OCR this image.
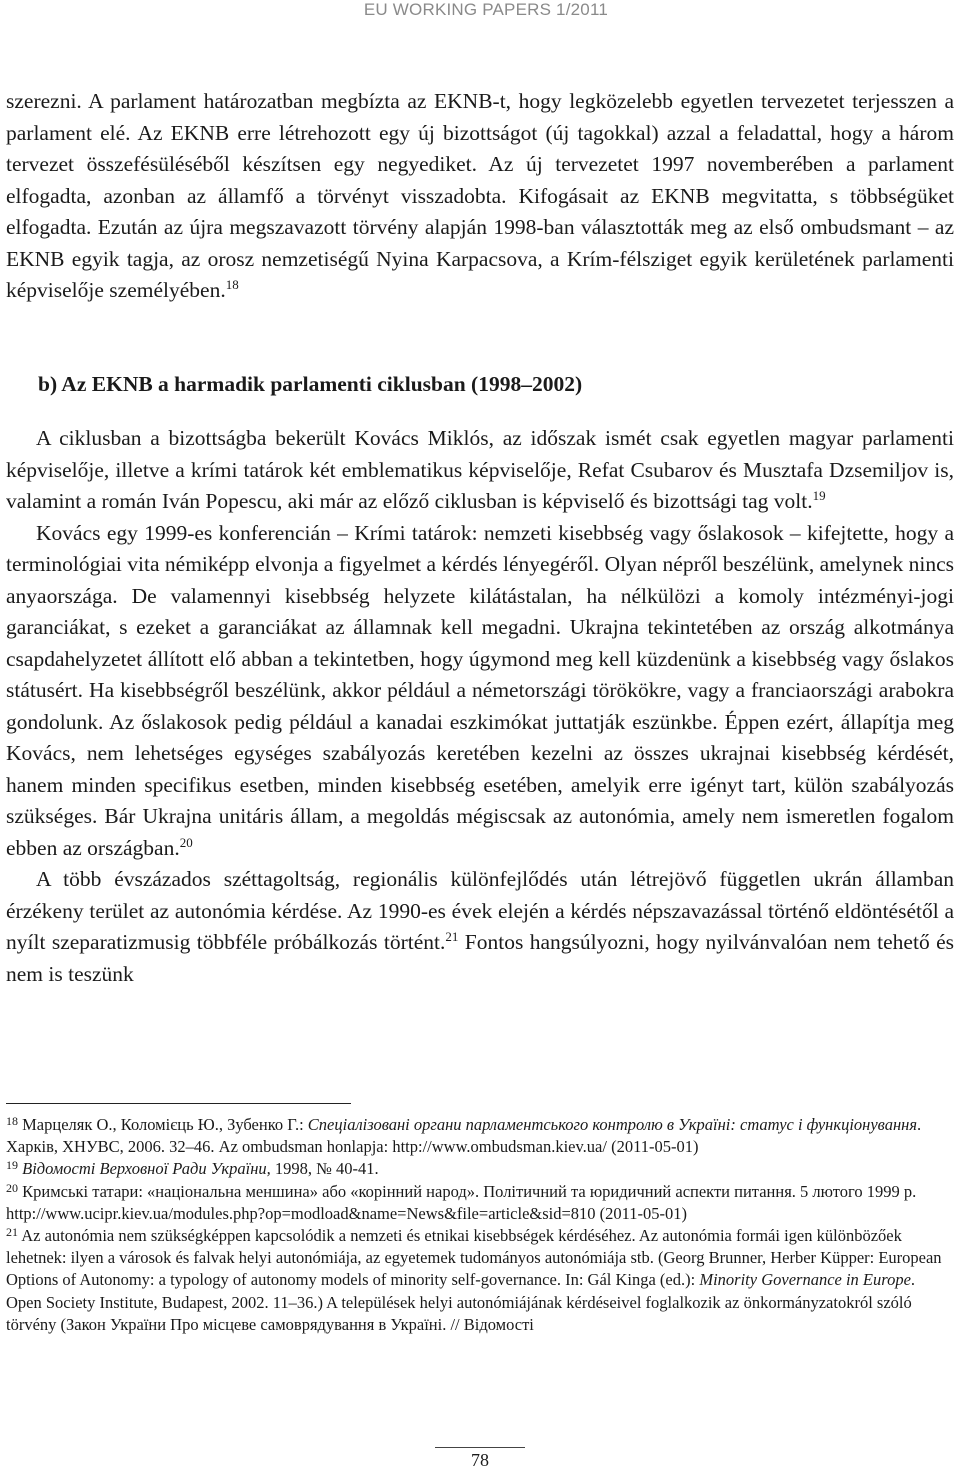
EU WORKING PAPERS 1/2011

szerezni. A parlament határozatban megbízta az EKNB-t, hogy legközelebb egyetlen tervezetet terjesszen a parlament elé. Az EKNB erre létrehozott egy új bizottságot (új tagokkal) azzal a feladattal, hogy a három tervezet összefésüléséből készítsen egy negyediket. Az új tervezetet 1997 novemberében a parlament elfogadta, azonban az államfő a törvényt visszadobta. Kifogásait az EKNB megvitatta, s többségüket elfogadta. Ezután az újra megszavazott törvény alapján 1998-ban választották meg az első ombudsmant – az EKNB egyik tagja, az orosz nemzetiségű Nyina Karpacsova, a Krím-félsziget egyik kerületének parlamenti képviselője személyében.$^{18}$

b) Az EKNB a harmadik parlamenti ciklusban (1998–2002)

A ciklusban a bizottságba bekerült Kovács Miklós, az időszak ismét csak egyetlen magyar parlamenti képviselője, illetve a krími tatárok két emblematikus képviselője, Refat Csubarov és Musztafa Dzsemiljov is, valamint a román Iván Popescu, aki már az előző ciklusban is képviselő és bizottsági tag volt.$^{19}$

Kovács egy 1999-es konferencián – Krími tatárok: nemzeti kisebbség vagy őslakosok – kifejtette, hogy a terminológiai vita némiképp elvonja a figyelmet a kérdés lényegéről. Olyan népről beszélünk, amelynek nincs anyaországa. De valamennyi kisebbség helyzete kilátástalan, ha nélkülözi a komoly intézményi-jogi garanciákat, s ezeket a garanciákat az államnak kell megadni. Ukrajna tekintetében az ország alkotmánya csapdahelyzetet állított elő abban a tekintetben, hogy úgymond meg kell küzdenünk a kisebbség vagy őslakos státusért. Ha kisebbségről beszélünk, akkor például a németországi törökökre, vagy a franciaországi arabokra gondolunk. Az őslakosok pedig például a kanadai eszkimókat juttatják eszünkbe. Éppen ezért, állapítja meg Kovács, nem lehetséges egységes szabályozás keretében kezelni az összes ukrajnai kisebbség kérdését, hanem minden specifikus esetben, minden kisebbség esetében, amelyik erre igényt tart, külön szabályozás szükséges. Bár Ukrajna unitáris állam, a megoldás mégiscsak az autonómia, amely nem ismeretlen fogalom ebben az országban.$^{20}$

A több évszázados széttagoltság, regionális különfejlődés után létrejövő független ukrán államban érzékeny terület az autonómia kérdése. Az 1990-es évek elején a kérdés népszavazással történő eldöntésétől a nyílt szeparatizmusig többféle próbálkozás történt.$^{21}$ Fontos hangsúlyozni, hogy nyilvánvalóan nem tehető és nem is teszünk

$^{18}$ Марцеляк О., Коломієць Ю., Зубенко Г.: Спеціалізовані органи парламентського контролю в Україні: статус і функціонування. Харків, ХНУВС, 2006. 32–46. Az ombudsman honlapja: http://www.ombudsman.kiev.ua/ (2011-05-01)

$^{19}$ Відомості Верховної Ради України, 1998, № 40-41.

$^{20}$ Кримські татари: «національна меншина» або «корінний народ». Політичний та юридичний аспекти питання. 5 лютого 1999 р.

http://www.ucipr.kiev.ua/modules.php?op=modload&name=News&file=article&sid=810 (2011-05-01)

$^{21}$ Az autonómia nem szükségképpen kapcsolódik a nemzeti és etnikai kisebbségek kérdéséhez. Az autonómia formái igen különbözőek lehetnek: ilyen a városok és falvak helyi autonómiája, az egyetemek tudományos autonómiája stb. (Georg Brunner, Herber Küpper: European Options of Autonomy: a typology of autonomy models of minority self-governance. In: Gál Kinga (ed.): Minority Governance in Europe. Open Society Institute, Budapest, 2002. 11–36.) A települések helyi autonómiájának kérdéseivel foglalkozik az önkormányzatokról szóló törvény (Закон України Про місцеве самоврядування в Україні. // Відомості

78
